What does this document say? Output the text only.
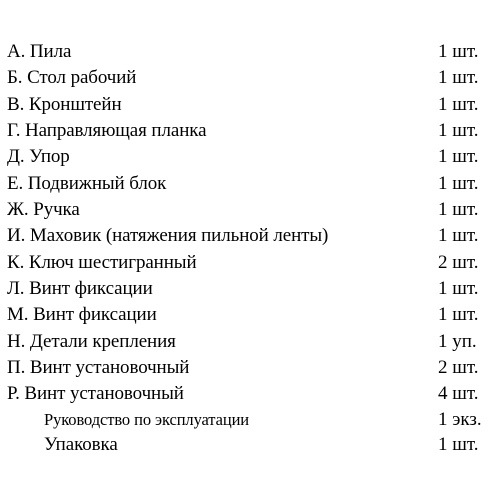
А. Пила	1 шт.
Б. Стол рабочий	1 шт.
В. Кронштейн	1 шт.
Г. Направляющая планка	1 шт.
Д. Упор	1 шт.
Е. Подвижный блок	1 шт.
Ж. Ручка	1 шт.
И. Маховик (натяжения пильной ленты)	1 шт.
К. Ключ шестигранный	2 шт.
Л. Винт фиксации	1 шт.
М. Винт фиксации	1 шт.
Н. Детали крепления	1 уп.
П. Винт установочный	2 шт.
Р. Винт установочный	4 шт.
Руководство по эксплуатации	1 экз.
Упаковка	1 шт.
